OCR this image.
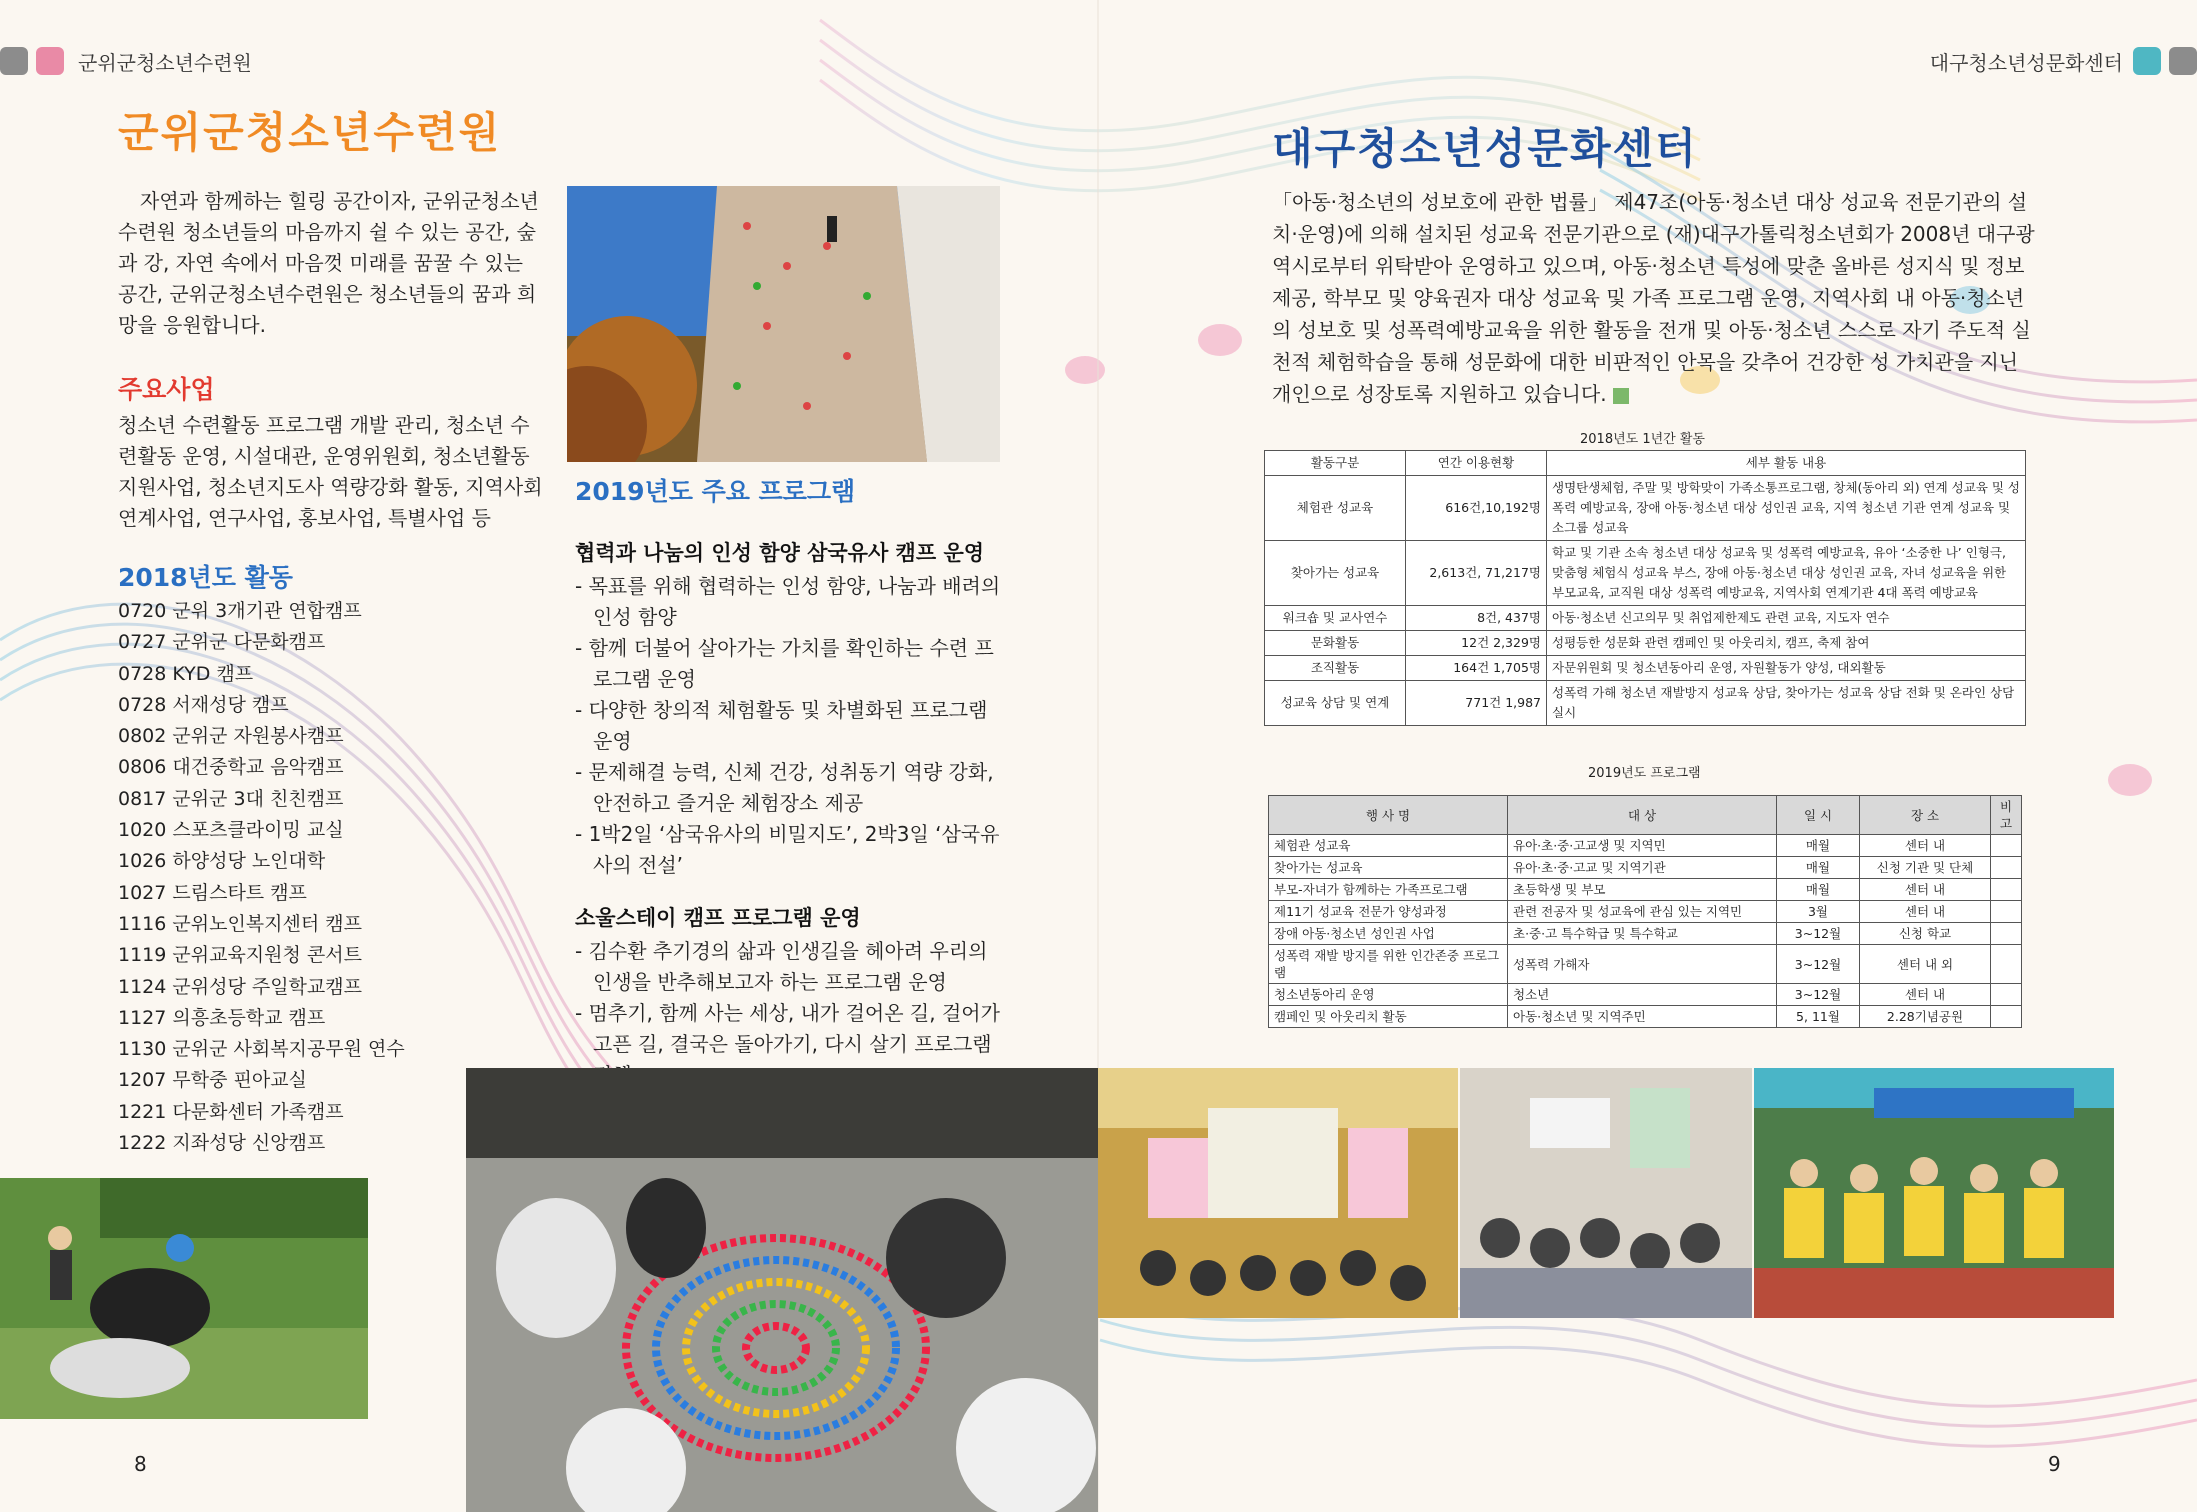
군위군청소년수련원	대구청소년성문화센터
군위군청소년수련원
자연과 함께하는 힐링 공간이자, 군위군청소년수련원 청소년들의 마음까지 쉴 수 있는 공간, 숲과 강, 자연 속에서 마음껏 미래를 꿈꿀 수 있는 공간, 군위군청소년수련원은 청소년들의 꿈과 희망을 응원합니다.
주요사업
청소년 수련활동 프로그램 개발 관리, 청소년 수련활동 운영, 시설대관, 운영위원회, 청소년활동 지원사업, 청소년지도사 역량강화 활동, 지역사회연계사업, 연구사업, 홍보사업, 특별사업 등
2018년도 활동
0720 군위 3개기관 연합캠프
0727 군위군 다문화캠프
0728 KYD 캠프
0728 서재성당 캠프
0802 군위군 자원봉사캠프
0806 대건중학교 음악캠프
0817 군위군 3대 친친캠프
1020 스포츠클라이밍 교실
1026 하양성당 노인대학
1027 드림스타트 캠프
1116 군위노인복지센터 캠프
1119 군위교육지원청 콘서트
1124 군위성당 주일학교캠프
1127 의흥초등학교 캠프
1130 군위군 사회복지공무원 연수
1207 무학중 핀아교실
1221 다문화센터 가족캠프
1222 지좌성당 신앙캠프
2019년도 주요 프로그램
협력과 나눔의 인성 함양 삼국유사 캠프 운영
- 목표를 위해 협력하는 인성 함양, 나눔과 배려의 인성 함양
- 함께 더불어 살아가는 가치를 확인하는 수련 프로그램 운영
- 다양한 창의적 체험활동 및 차별화된 프로그램 운영
- 문제해결 능력, 신체 건강, 성취동기 역량 강화, 안전하고 즐거운 체험장소 제공
- 1박2일 ‘삼국유사의 비밀지도’, 2박3일 ‘삼국유사의 전설’
소울스테이 캠프 프로그램 운영
- 김수환 추기경의 삶과 인생길을 헤아려 우리의 인생을 반추해보고자 하는 프로그램 운영
- 멈추기, 함께 사는 세상, 내가 걸어온 길, 걸어가고픈 길, 결국은 돌아가기, 다시 살기 프로그램
8
대구청소년성문화센터
「아동·청소년의 성보호에 관한 법률」 제47조(아동·청소년 대상 성교육 전문기관의 설치·운영)에 의해 설치된 성교육 전문기관으로 (재)대구가톨릭청소년회가 2008년 대구광역시로부터 위탁받아 운영하고 있으며, 아동·청소년 특성에 맞춘 올바른 성지식 및 정보제공, 학부모 및 양육권자 대상 성교육 및 가족 프로그램 운영, 지역사회 내 아동·청소년의 성보호 및 성폭력예방교육을 위한 활동을 전개 및 아동·청소년 스스로 자기 주도적 실천적 체험학습을 통해 성문화에 대한 비판적인 안목을 갖추어 건강한 성 가치관을 지닌 개인으로 성장토록 지원하고 있습니다.
2018년도 1년간 활동
활동구분	연간 이용현황	세부 활동 내용
체험관 성교육	616건,10,192명	생명탄생체험, 주말 및 방학맞이 가족소통프로그램, 창체(동아리 외) 연계 성교육 및 성폭력 예방교육, 장애 아동·청소년 대상 성인권 교육, 지역 청소년 기관 연계 성교육 및 소그룹 성교육
찾아가는 성교육	2,613건, 71,217명	학교 및 기관 소속 청소년 대상 성교육 및 성폭력 예방교육, 유아 ‘소중한 나’ 인형극, 맞춤형 체험식 성교육 부스, 장애 아동·청소년 대상 성인권 교육, 자녀 성교육을 위한 부모교육, 교직원 대상 성폭력 예방교육, 지역사회 연계기관 4대 폭력 예방교육
워크숍 및 교사연수	8건, 437명	아동·청소년 신고의무 및 취업제한제도 관련 교육, 지도자 연수
문화활동	12건 2,329명	성평등한 성문화 관련 캠페인 및 아웃리치, 캠프, 축제 참여
조직활동	164건 1,705명	자문위원회 및 청소년동아리 운영, 자원활동가 양성, 대외활동
성교육 상담 및 연계	771건 1,987	성폭력 가해 청소년 재발방지 성교육 상담, 찾아가는 성교육 상담 전화 및 온라인 상담 실시
2019년도 프로그램
행 사 명	대 상	일 시	장 소	비 고
체험관 성교육	유아·초·중·고교생 및 지역민	매월	센터 내	
찾아가는 성교육	유아·초·중·고교 및 지역기관	매월	신청 기관 및 단체	
부모-자녀가 함께하는 가족프로그램	초등학생 및 부모	매월	센터 내	
제11기 성교육 전문가 양성과정	관련 전공자 및 성교육에 관심 있는 지역민	3월	센터 내	
장애 아동·청소년 성인권 사업	초·중·고 특수학급 및 특수학교	3~12월	신청 학교	
성폭력 재발 방지를 위한 인간존중 프로그램	성폭력 가해자	3~12월	센터 내 외	
청소년동아리 운영	청소년	3~12월	센터 내	
캠페인 및 아웃리치 활동	아동·청소년 및 지역주민	5, 11월	2.28기념공원	
9
